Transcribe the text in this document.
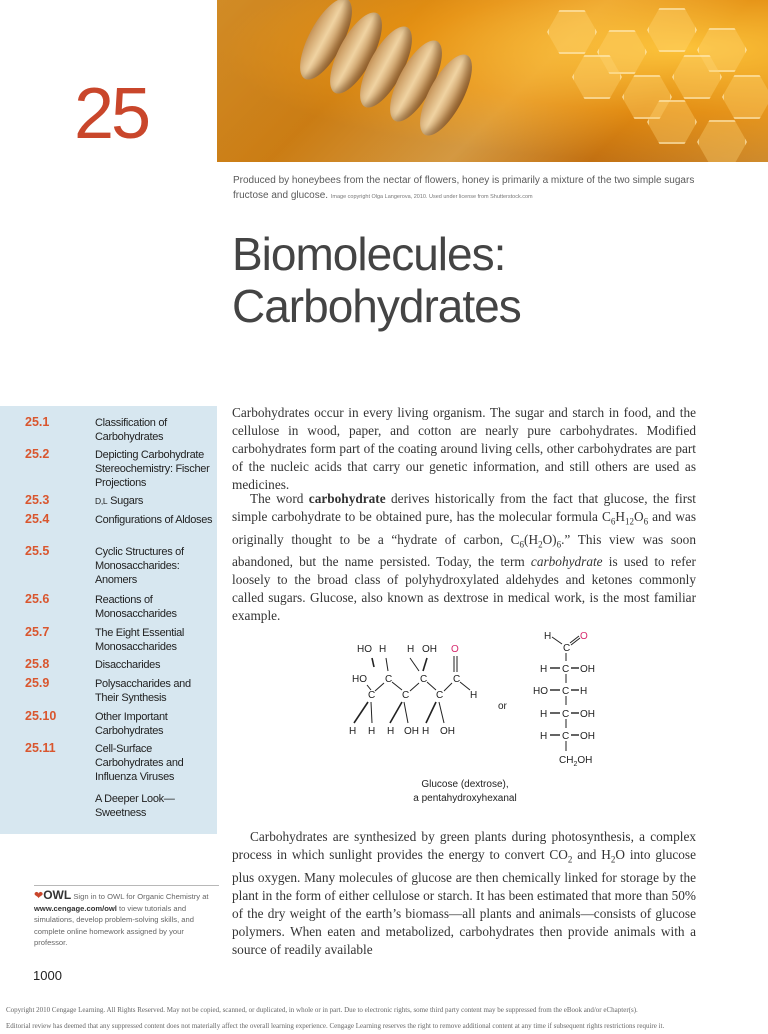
25
Produced by honeybees from the nectar of flowers, honey is primarily a mixture of the two simple sugars fructose and glucose. Image copyright Olga Langerova, 2010. Used under license from Shutterstock.com
Biomolecules:
Carbohydrates
25.1	Classification of Carbohydrates
25.2	Depicting Carbohydrate Stereochemistry: Fischer Projections
25.3	D,L Sugars
25.4	Configurations of Aldoses
25.5	Cyclic Structures of Monosaccharides: Anomers
25.6	Reactions of Monosaccharides
25.7	The Eight Essential Monosaccharides
25.8	Disaccharides
25.9	Polysaccharides and Their Synthesis
25.10	Other Important Carbohydrates
25.11	Cell-Surface Carbohydrates and Influenza Viruses
A Deeper Look—Sweetness
Carbohydrates occur in every living organism. The sugar and starch in food, and the cellulose in wood, paper, and cotton are nearly pure carbohydrates. Modified carbohydrates form part of the coating around living cells, other carbohydrates are part of the nucleic acids that carry our genetic information, and still others are used as medicines.
The word carbohydrate derives historically from the fact that glucose, the first simple carbohydrate to be obtained pure, has the molecular formula $C_6H_{12}O_6$ and was originally thought to be a “hydrate of carbon, $C_6(H_2O)_6$.” This view was soon abandoned, but the name persisted. Today, the term carbohydrate is used to refer loosely to the broad class of polyhydroxylated aldehydes and ketones commonly called sugars. Glucose, also known as dextrose in medical work, is the most familiar example.
HO
C
C
C
C
C
C
H
HO H H OH O
H H H OH H OH
or
H
C
O
H C OH
HO C H
H C OH
H C OH
$CH_2OH$
Glucose (dextrose),
a pentahydroxyhexanal
Carbohydrates are synthesized by green plants during photosynthesis, a complex process in which sunlight provides the energy to convert $CO_2$ and $H_2O$ into glucose plus oxygen. Many molecules of glucose are then chemically linked for storage by the plant in the form of either cellulose or starch. It has been estimated that more than 50% of the dry weight of the earth’s biomass—all plants and animals—consists of glucose polymers. When eaten and metabolized, carbohydrates then provide animals with a source of readily available
❤OWL Sign in to OWL for Organic Chemistry at www.cengage.com/owl to view tutorials and simulations, develop problem-solving skills, and complete online homework assigned by your professor.
1000
Copyright 2010 Cengage Learning. All Rights Reserved. May not be copied, scanned, or duplicated, in whole or in part. Due to electronic rights, some third party content may be suppressed from the eBook and/or eChapter(s).
Editorial review has deemed that any suppressed content does not materially affect the overall learning experience. Cengage Learning reserves the right to remove additional content at any time if subsequent rights restrictions require it.
